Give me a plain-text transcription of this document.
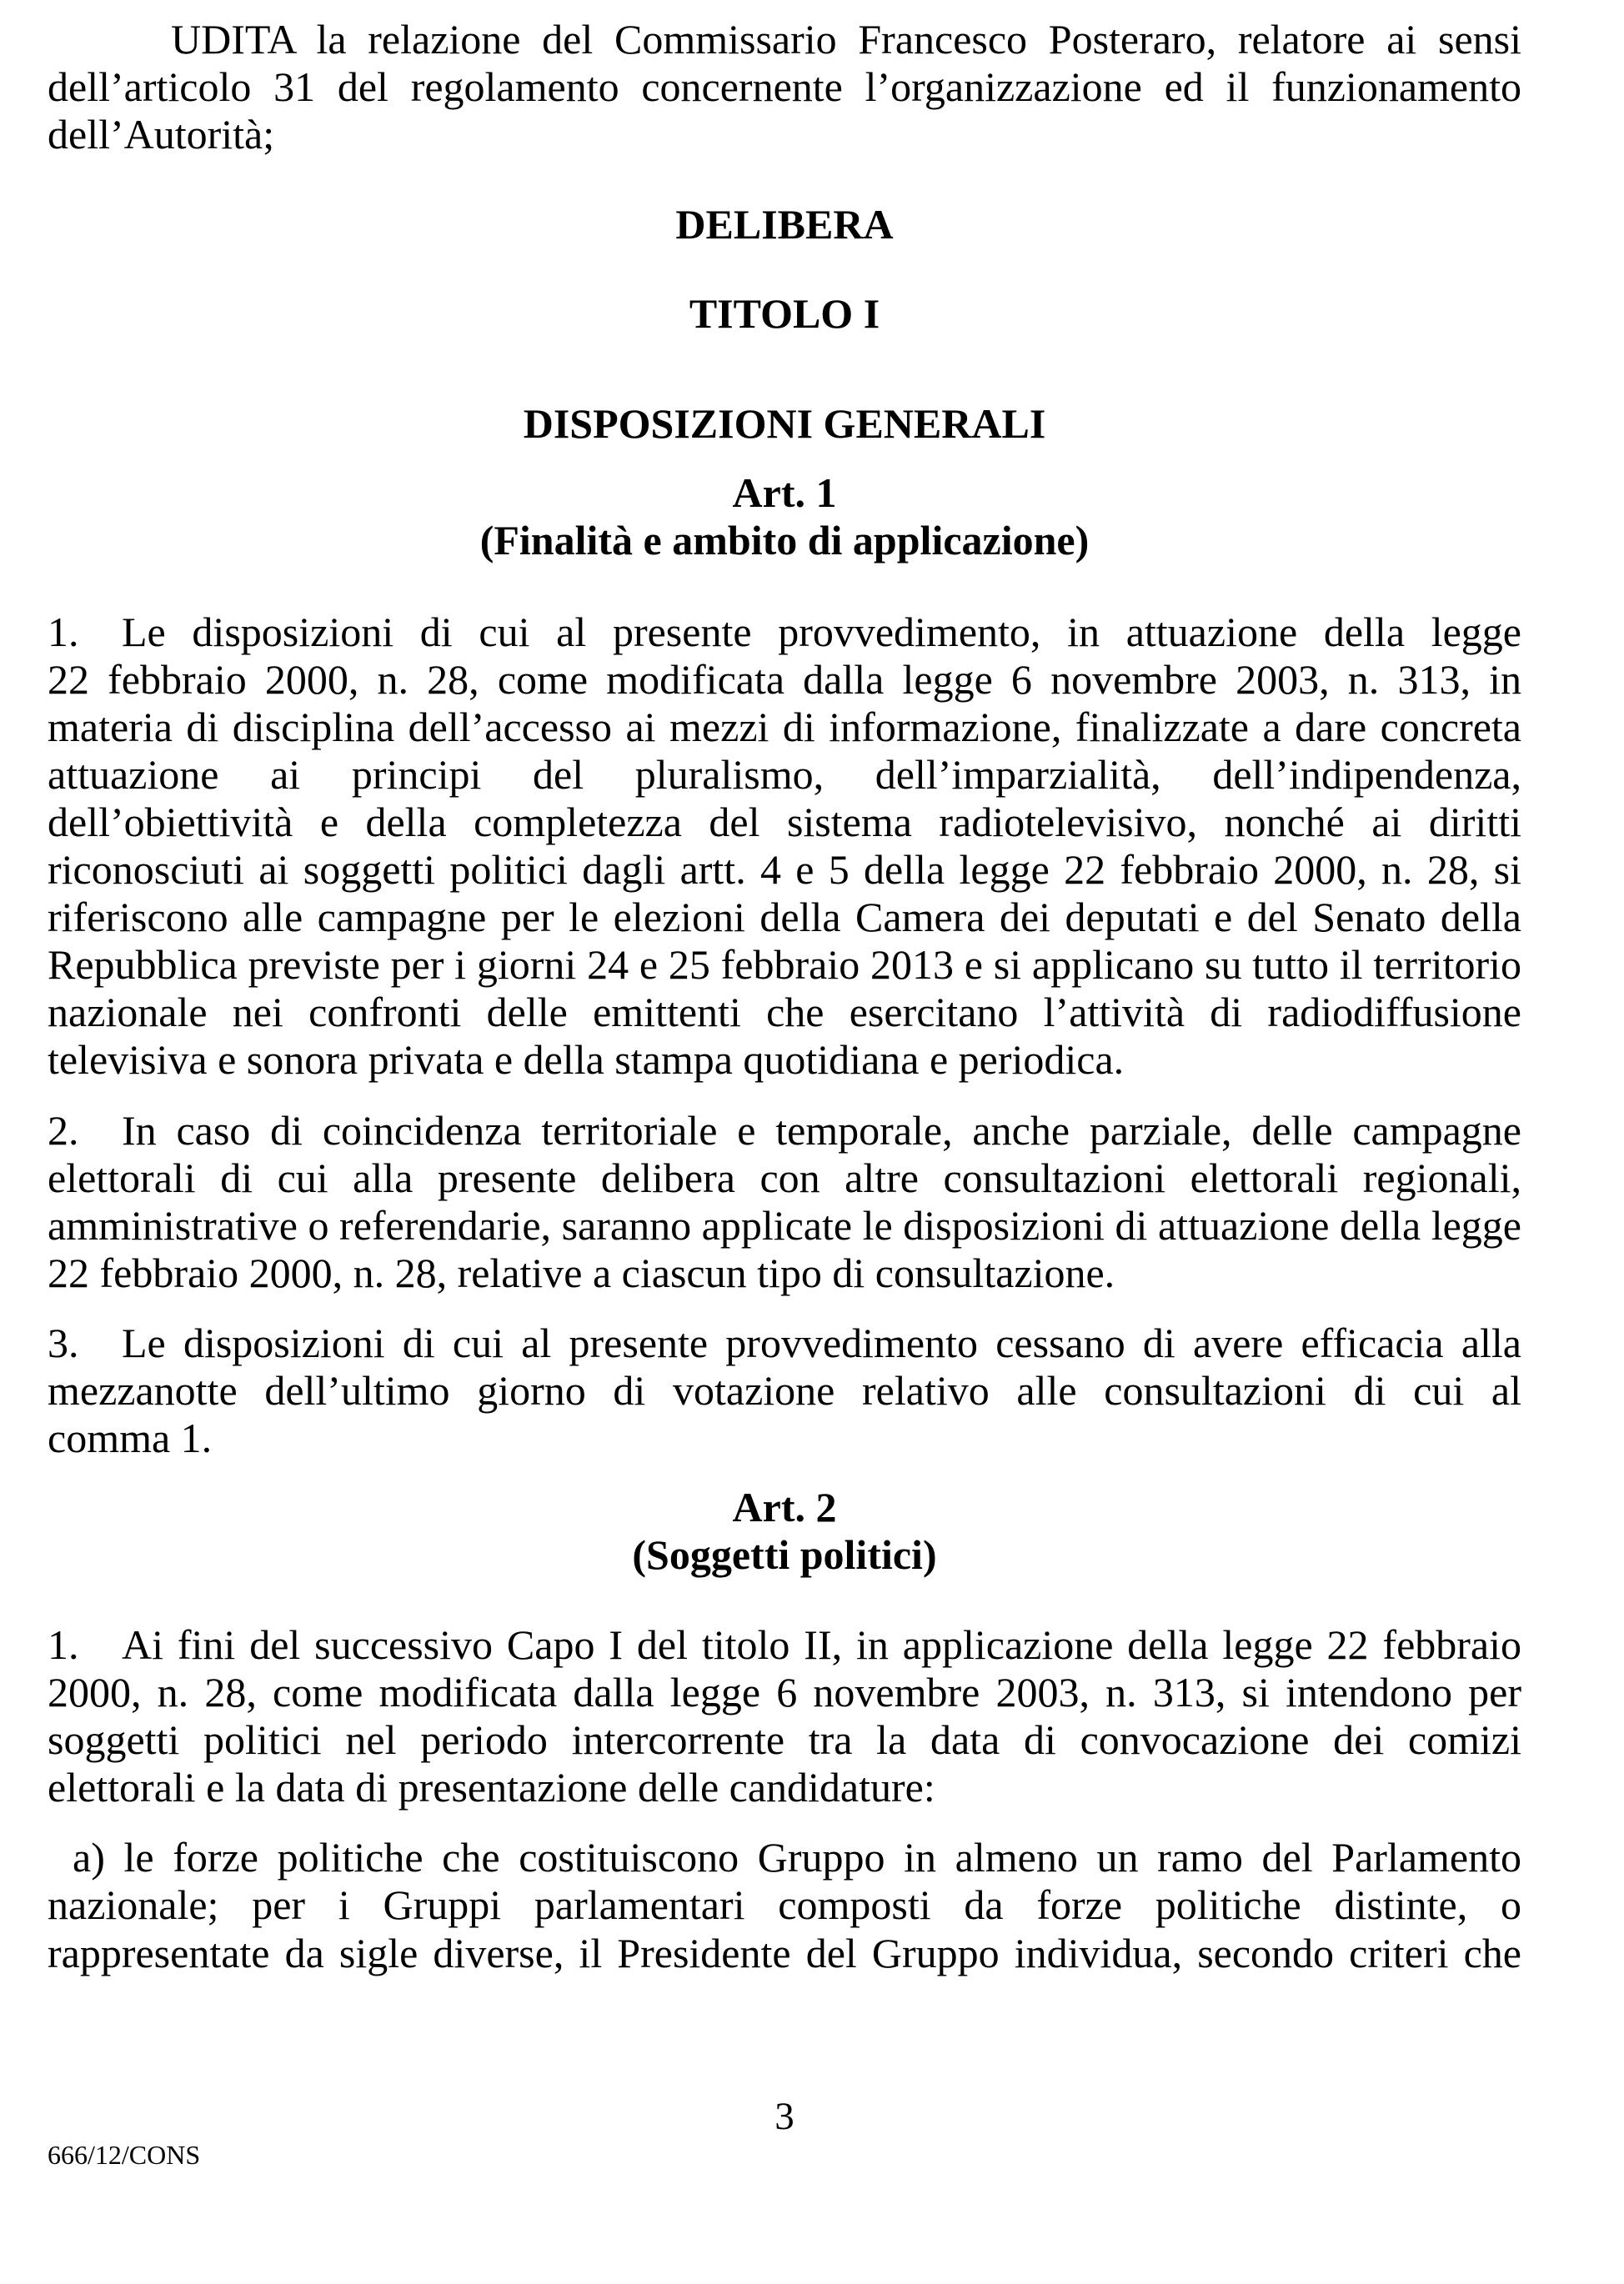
UDITA la relazione del Commissario Francesco Posteraro, relatore ai sensi
dell’articolo 31 del regolamento concernente l’organizzazione ed il funzionamento
dell’Autorità;
DELIBERA
TITOLO I
DISPOSIZIONI GENERALI
Art. 1
(Finalità e ambito di applicazione)
1.	Le disposizioni di cui al presente provvedimento, in attuazione della legge
22 febbraio 2000, n. 28, come modificata dalla legge 6 novembre 2003, n. 313, in
materia di disciplina dell’accesso ai mezzi di informazione, finalizzate a dare concreta
attuazione ai principi del pluralismo, dell’imparzialità, dell’indipendenza,
dell’obiettività e della completezza del sistema radiotelevisivo, nonché ai diritti
riconosciuti ai soggetti politici dagli artt. 4 e 5 della legge 22 febbraio 2000, n. 28, si
riferiscono alle campagne per le elezioni della Camera dei deputati e del Senato della
Repubblica previste per i giorni 24 e 25 febbraio 2013 e si applicano su tutto il territorio
nazionale nei confronti delle emittenti che esercitano l’attività di radiodiffusione
televisiva e sonora privata e della stampa quotidiana e periodica.
2.	In caso di coincidenza territoriale e temporale, anche parziale, delle campagne
elettorali di cui alla presente delibera con altre consultazioni elettorali regionali,
amministrative o referendarie, saranno applicate le disposizioni di attuazione della legge
22 febbraio 2000, n. 28, relative a ciascun tipo di consultazione.
3.	Le disposizioni di cui al presente provvedimento cessano di avere efficacia alla
mezzanotte dell’ultimo giorno di votazione relativo alle consultazioni di cui al
comma 1.
Art. 2
(Soggetti politici)
1.	Ai fini del successivo Capo I del titolo II, in applicazione della legge 22 febbraio
2000, n. 28, come modificata dalla legge 6 novembre 2003, n. 313, si intendono per
soggetti politici nel periodo intercorrente tra la data di convocazione dei comizi
elettorali e la data di presentazione delle candidature:
a) le forze politiche che costituiscono Gruppo in almeno un ramo del Parlamento
nazionale; per i Gruppi parlamentari composti da forze politiche distinte, o
rappresentate da sigle diverse, il Presidente del Gruppo individua, secondo criteri che
3
666/12/CONS
